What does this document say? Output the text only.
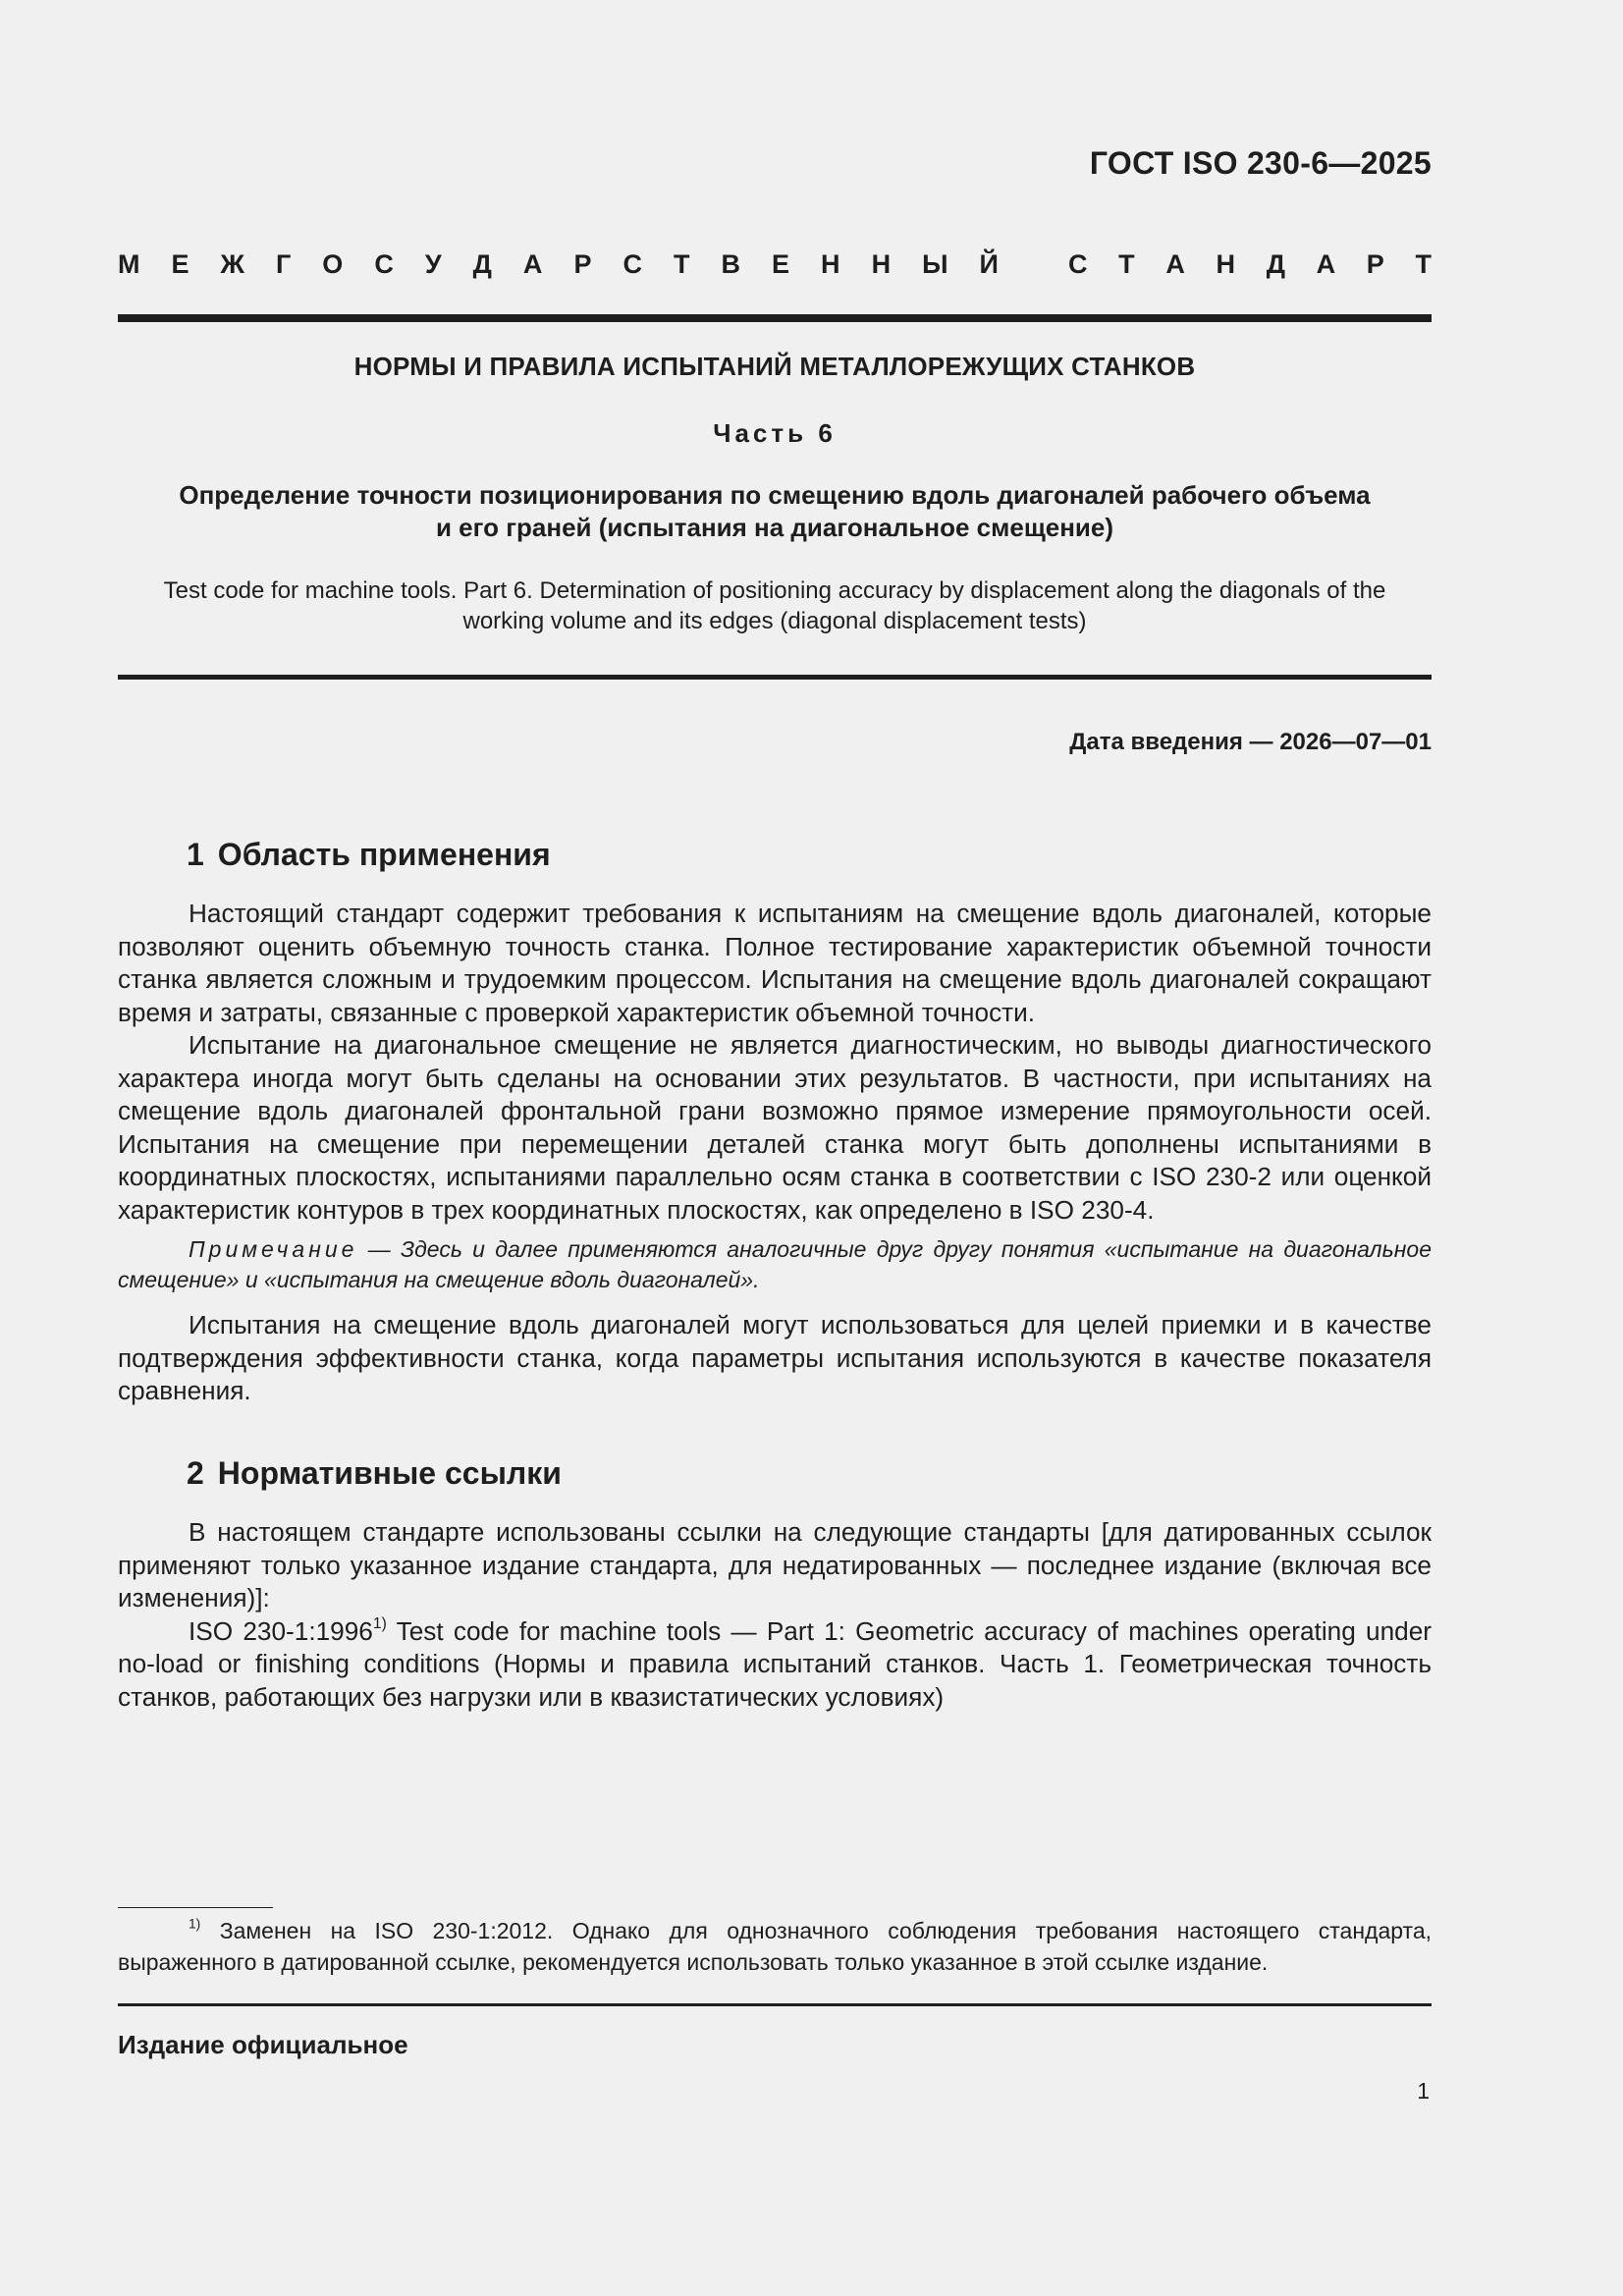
ГОСТ ISO 230-6—2025
М Е Ж Г О С У Д А Р С Т В Е Н Н Ы Й	С Т А Н Д А Р Т
НОРМЫ И ПРАВИЛА ИСПЫТАНИЙ МЕТАЛЛОРЕЖУЩИХ СТАНКОВ
Часть 6
Определение точности позиционирования по смещению вдоль диагоналей рабочего объема
и его граней (испытания на диагональное смещение)
Test code for machine tools. Part 6. Determination of positioning accuracy by displacement along the diagonals of the
working volume and its edges (diagonal displacement tests)
Дата введения — 2026—07—01
1 Область применения

Настоящий стандарт содержит требования к испытаниям на смещение вдоль диагоналей, которые позволяют оценить объемную точность станка. Полное тестирование характеристик объемной точности станка является сложным и трудоемким процессом. Испытания на смещение вдоль диагоналей сокращают время и затраты, связанные с проверкой характеристик объемной точности.

Испытание на диагональное смещение не является диагностическим, но выводы диагностического характера иногда могут быть сделаны на основании этих результатов. В частности, при испытаниях на смещение вдоль диагоналей фронтальной грани возможно прямое измерение прямоугольности осей. Испытания на смещение при перемещении деталей станка могут быть дополнены испытаниями в координатных плоскостях, испытаниями параллельно осям станка в соответствии с ISO 230-2 или оценкой характеристик контуров в трех координатных плоскостях, как определено в ISO 230-4.

Примечание — Здесь и далее применяются аналогичные друг другу понятия «испытание на диагональное смещение» и «испытания на смещение вдоль диагоналей».

Испытания на смещение вдоль диагоналей могут использоваться для целей приемки и в качестве подтверждения эффективности станка, когда параметры испытания используются в качестве показателя сравнения.

2 Нормативные ссылки

В настоящем стандарте использованы ссылки на следующие стандарты [для датированных ссылок применяют только указанное издание стандарта, для недатированных — последнее издание (включая все изменения)]:

ISO 230-1:1996$^{1)}$ Test code for machine tools — Part 1: Geometric accuracy of machines operating under no-load or finishing conditions (Нормы и правила испытаний станков. Часть 1. Геометрическая точность станков, работающих без нагрузки или в квазистатических условиях)

$^{1)}$ Заменен на ISO 230-1:2012. Однако для однозначного соблюдения требования настоящего стандарта, выраженного в датированной ссылке, рекомендуется использовать только указанное в этой ссылке издание.

Издание официальное
1
